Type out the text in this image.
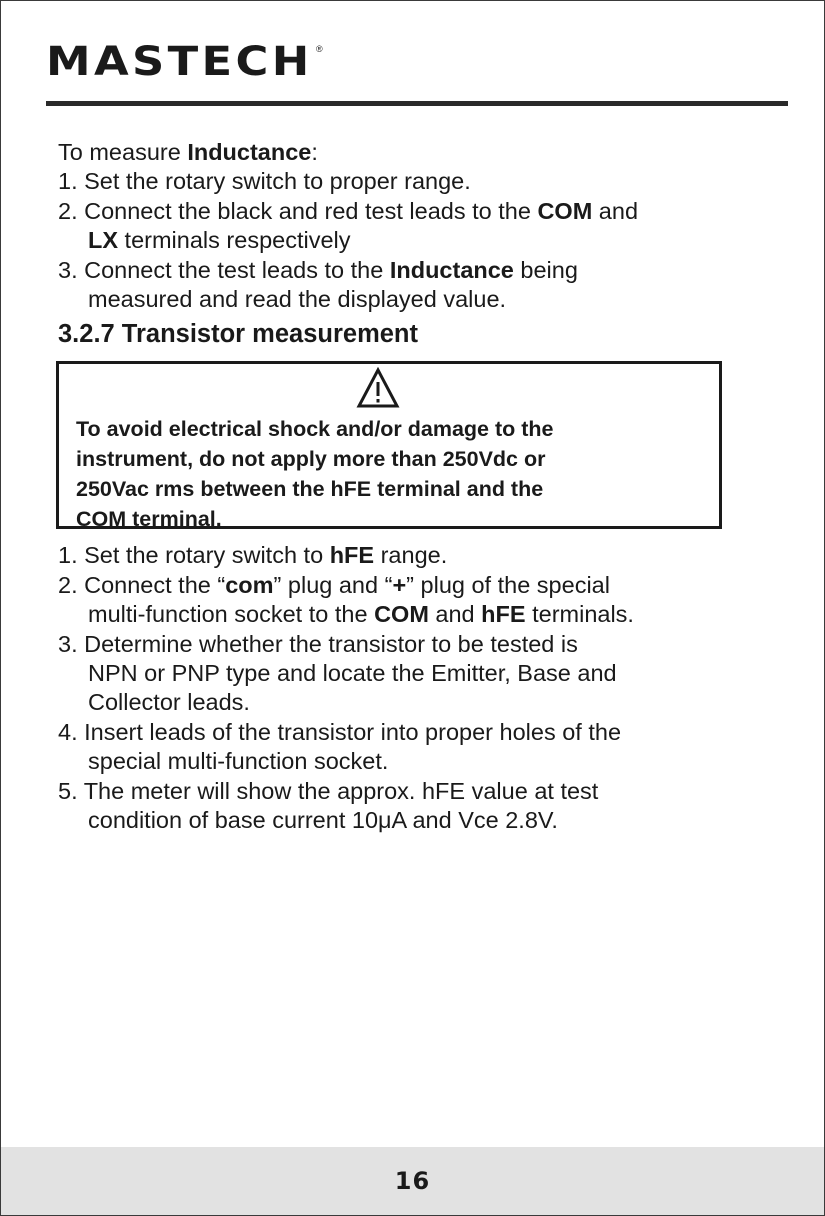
MASTECH ®
To measure Inductance:
1. Set the rotary switch to proper range.
2. Connect the black and red test leads to the COM and
LX terminals respectively
3. Connect the test leads to the Inductance being
measured and read the displayed value.
3.2.7 Transistor measurement
To avoid electrical shock and/or damage to the
instrument, do not apply more than 250Vdc or
250Vac rms between the hFE terminal and the
COM terminal.
1. Set the rotary switch to hFE range.
2. Connect the “com” plug and “+” plug of the special
multi-function socket to the COM and hFE terminals.
3. Determine whether the transistor to be tested is
NPN or PNP type and locate the Emitter, Base and
Collector leads.
4. Insert leads of the transistor into proper holes of the
special multi-function socket.
5. The meter will show the approx. hFE value at test
condition of base current 10μA and Vce 2.8V.
16
